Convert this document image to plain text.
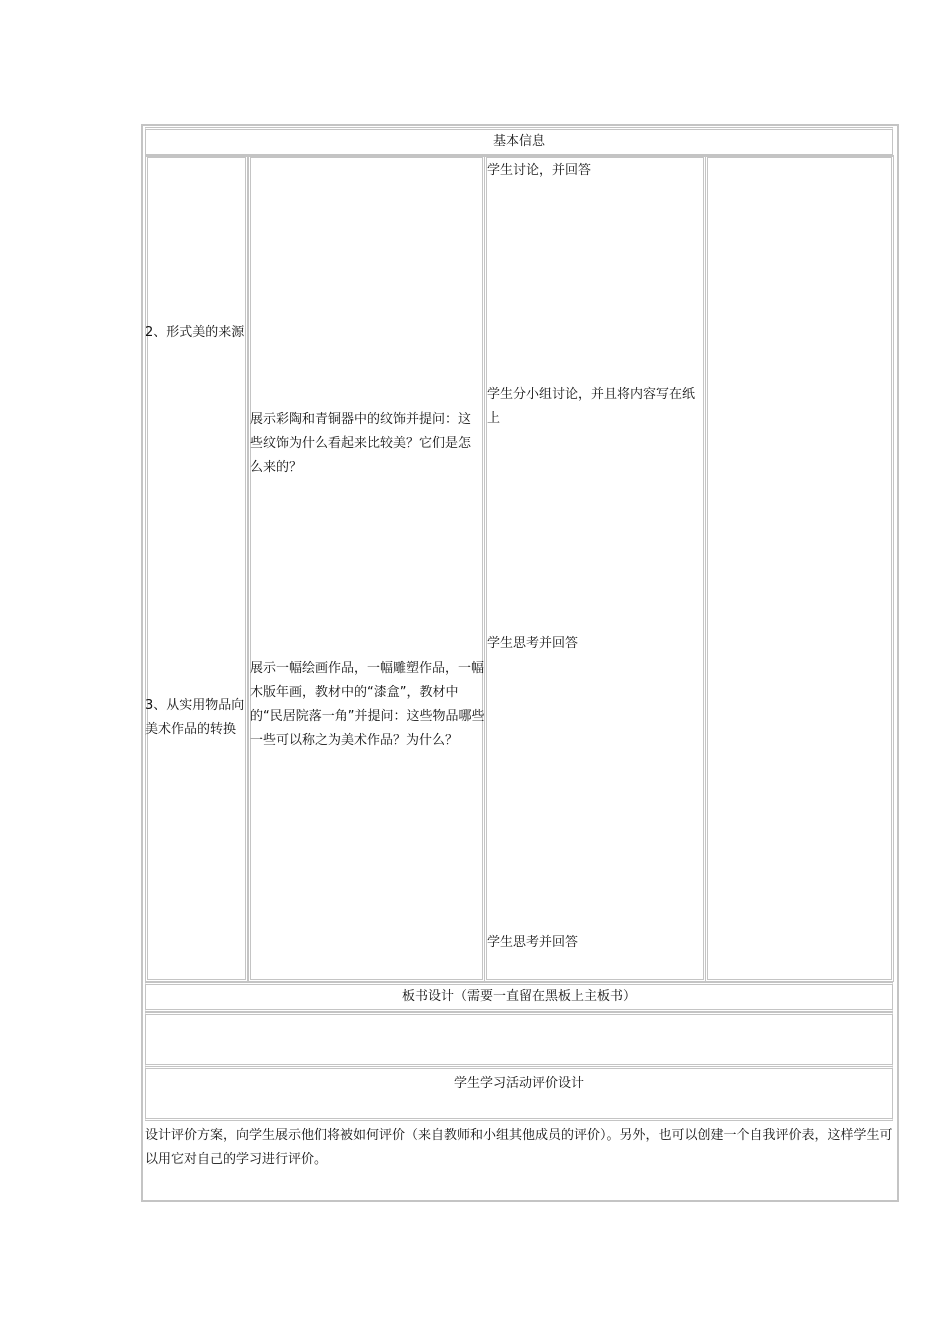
基本信息
2、形式美的来源
3、从实用物品向美术作品的转换
展示彩陶和青铜器中的纹饰并提问：这些纹饰为什么看起来比较美？它们是怎么来的？
展示一幅绘画作品，一幅雕塑作品，一幅木版年画，教材中的“漆盒”，教材中的“民居院落一角”并提问：这些物品哪些一些可以称之为美术作品？为什么？
学生讨论，并回答
学生分小组讨论，并且将内容写在纸上
学生思考并回答
学生思考并回答
板书设计（需要一直留在黑板上主板书）
学生学习活动评价设计
设计评价方案，向学生展示他们将被如何评价（来自教师和小组其他成员的评价）。另外，也可以创建一个自我评价表，这样学生可以用它对自己的学习进行评价。
